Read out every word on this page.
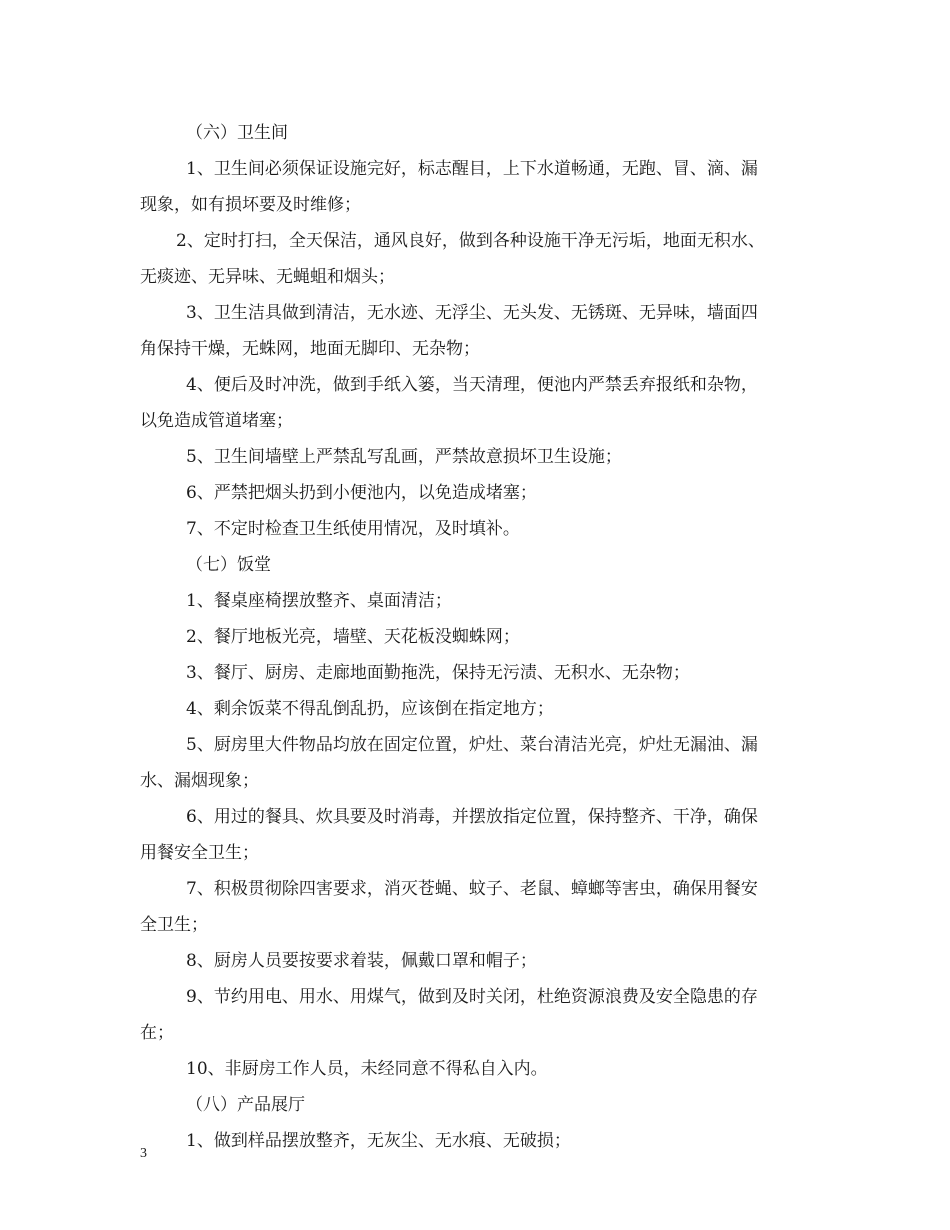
（六）卫生间
1、卫生间必须保证设施完好，标志醒目，上下水道畅通，无跑、冒、滴、漏
现象，如有损坏要及时维修；
2、定时打扫，全天保洁，通风良好，做到各种设施干净无污垢，地面无积水、
无痰迹、无异味、无蝇蛆和烟头；
3、卫生洁具做到清洁，无水迹、无浮尘、无头发、无锈斑、无异味，墙面四
角保持干燥，无蛛网，地面无脚印、无杂物；
4、便后及时冲洗，做到手纸入篓，当天清理，便池内严禁丢弃报纸和杂物，
以免造成管道堵塞；
5、卫生间墙壁上严禁乱写乱画，严禁故意损坏卫生设施；
6、严禁把烟头扔到小便池内，以免造成堵塞；
7、不定时检查卫生纸使用情况，及时填补。
（七）饭堂
1、餐桌座椅摆放整齐、桌面清洁；
2、餐厅地板光亮，墙壁、天花板没蜘蛛网；
3、餐厅、厨房、走廊地面勤拖洗，保持无污渍、无积水、无杂物；
4、剩余饭菜不得乱倒乱扔，应该倒在指定地方；
5、厨房里大件物品均放在固定位置，炉灶、菜台清洁光亮，炉灶无漏油、漏
水、漏烟现象；
6、用过的餐具、炊具要及时消毒，并摆放指定位置，保持整齐、干净，确保
用餐安全卫生；
7、积极贯彻除四害要求，消灭苍蝇、蚊子、老鼠、蟑螂等害虫，确保用餐安
全卫生；
8、厨房人员要按要求着装，佩戴口罩和帽子；
9、节约用电、用水、用煤气，做到及时关闭，杜绝资源浪费及安全隐患的存
在；
10、非厨房工作人员，未经同意不得私自入内。
（八）产品展厅
1、做到样品摆放整齐，无灰尘、无水痕、无破损；
3
